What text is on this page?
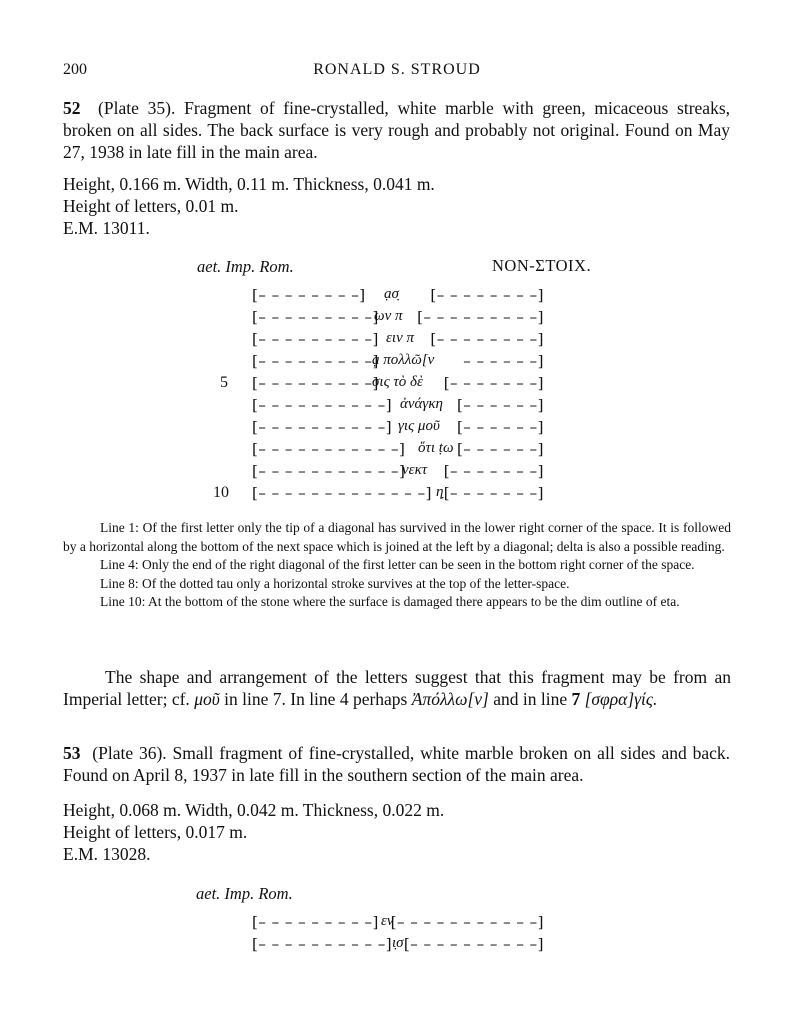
200	RONALD S. STROUD
52 (Plate 35). Fragment of fine-crystalled, white marble with green, micaceous streaks, broken on all sides. The back surface is very rough and probably not original. Found on May 27, 1938 in late fill in the main area.
Height, 0.166 m. Width, 0.11 m. Thickness, 0.041 m.
Height of letters, 0.01 m.
E.M. 13011.
aet. Imp. Rom.	NON-ΣTOIX.
[– – – – – – – –] ạσ̣ [– – – – – – – –]
[– – – – – – – – –]
ων π [– – – – – – – – –]
[– – – – – – – – –] ειν π [– – – – – – – –]
[– – – – – – – – –]
ạ πολλῶ[ν – – – – – –]
5 [– – – – – – – – –]
σις τὸ δὲ [– – – – – – –]
[– – – – – – – – – –] ἀνάγκη [– – – – – –]
[– – – – – – – – – –] γις μοῦ [– – – – – –]
[– – – – – – – – – – –] ὅτι ṭω [– – – – – –]
[– – – – – – – – – – –]
νεκτ [– – – – – – –]
10 [– – – – – – – – – – – – –] η̣ [– – – – – – –]

Line 1: Of the first letter only the tip of a diagonal has survived in the lower right corner of the space. It is followed by a horizontal along the bottom of the next space which is joined at the left by a diagonal; delta is also a possible reading.

Line 4: Only the end of the right diagonal of the first letter can be seen in the bottom right corner of the space.

Line 8: Of the dotted tau only a horizontal stroke survives at the top of the letter-space.

Line 10: At the bottom of the stone where the surface is damaged there appears to be the dim outline of eta.

The shape and arrangement of the letters suggest that this fragment may be from an Imperial letter; cf. μοῦ in line 7. In line 4 perhaps Ἀπόλλω[ν] and in line 7 [σφρα]γίς.

53 (Plate 36). Small fragment of fine-crystalled, white marble broken on all sides and back. Found on April 8, 1937 in late fill in the southern section of the main area.
Height, 0.068 m. Width, 0.042 m. Thickness, 0.022 m.
Height of letters, 0.017 m.
E.M. 13028.
aet. Imp. Rom.
[– – – – – – – – –] εν
[– – – – – – – – – – –]
[– – – – – – – – – –] ι̣σ [– – – – – – – – – –]
